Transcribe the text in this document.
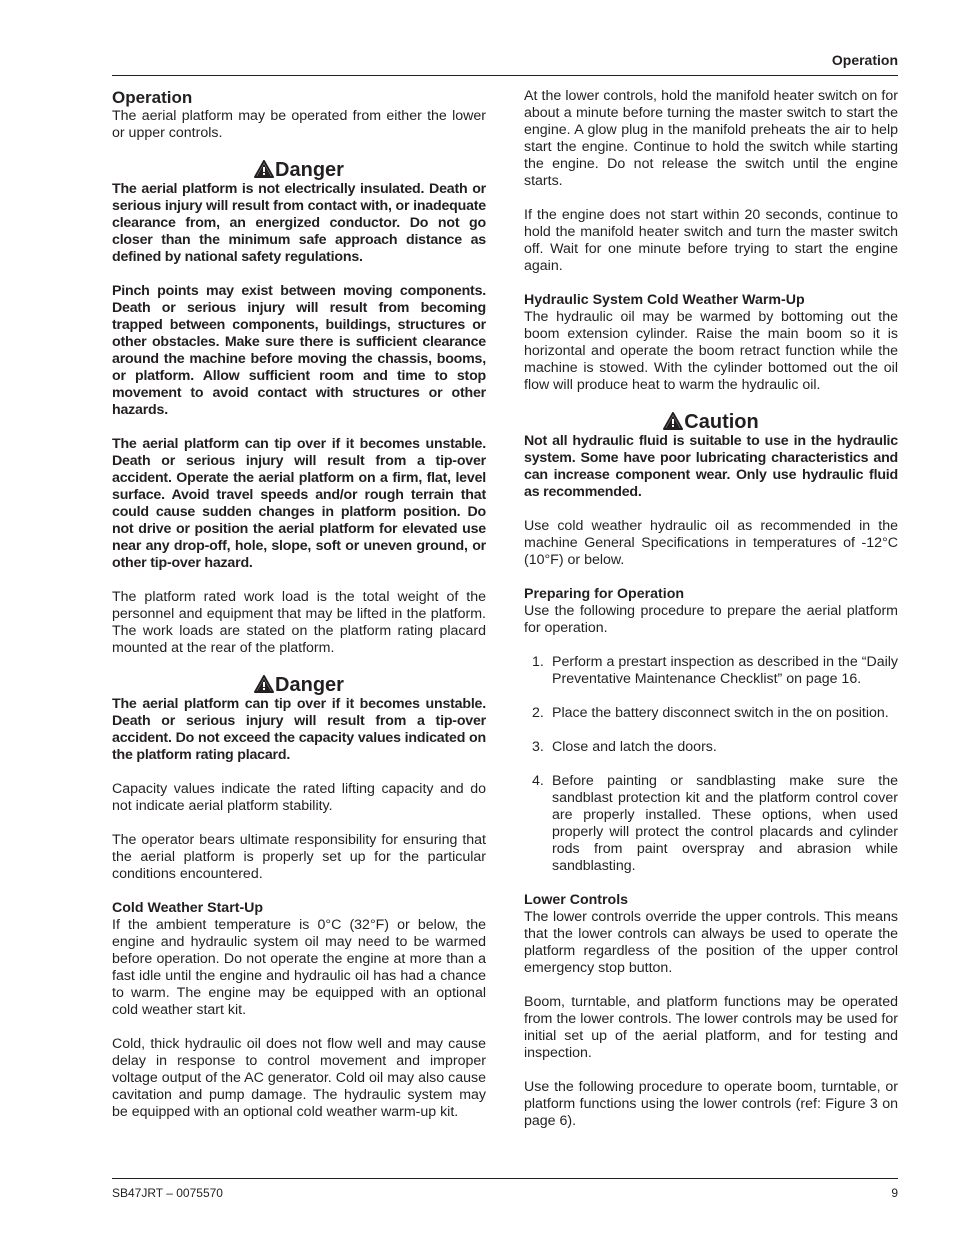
Operation
Operation

The aerial platform may be operated from either the lower or upper controls.

Danger

The aerial platform is not electrically insulated. Death or serious injury will result from contact with, or inadequate clearance from, an energized conductor. Do not go closer than the minimum safe approach distance as defined by national safety regulations.

Pinch points may exist between moving components. Death or serious injury will result from becoming trapped between components, buildings, structures or other obstacles. Make sure there is sufficient clearance around the machine before moving the chassis, booms, or platform. Allow sufficient room and time to stop movement to avoid contact with structures or other hazards.

The aerial platform can tip over if it becomes unstable. Death or serious injury will result from a tip-over accident. Operate the aerial platform on a firm, flat, level surface. Avoid travel speeds and/or rough terrain that could cause sudden changes in platform position. Do not drive or position the aerial platform for elevated use near any drop-off, hole, slope, soft or uneven ground, or other tip-over hazard.

The platform rated work load is the total weight of the personnel and equipment that may be lifted in the platform. The work loads are stated on the platform rating placard mounted at the rear of the platform.

Danger

The aerial platform can tip over if it becomes unstable. Death or serious injury will result from a tip-over accident. Do not exceed the capacity values indicated on the platform rating placard.

Capacity values indicate the rated lifting capacity and do not indicate aerial platform stability.

The operator bears ultimate responsibility for ensuring that the aerial platform is properly set up for the particular conditions encountered.

Cold Weather Start-Up

If the ambient temperature is 0°C (32°F) or below, the engine and hydraulic system oil may need to be warmed before operation. Do not operate the engine at more than a fast idle until the engine and hydraulic oil has had a chance to warm. The engine may be equipped with an optional cold weather start kit.

Cold, thick hydraulic oil does not flow well and may cause delay in response to control movement and improper voltage output of the AC generator. Cold oil may also cause cavitation and pump damage. The hydraulic system may be equipped with an optional cold weather warm-up kit.

At the lower controls, hold the manifold heater switch on for about a minute before turning the master switch to start the engine. A glow plug in the manifold preheats the air to help start the engine. Continue to hold the switch while starting the engine. Do not release the switch until the engine starts.

If the engine does not start within 20 seconds, continue to hold the manifold heater switch and turn the master switch off. Wait for one minute before trying to start the engine again.

Hydraulic System Cold Weather Warm-Up

The hydraulic oil may be warmed by bottoming out the boom extension cylinder. Raise the main boom so it is horizontal and operate the boom retract function while the machine is stowed. With the cylinder bottomed out the oil flow will produce heat to warm the hydraulic oil.

Caution

Not all hydraulic fluid is suitable to use in the hydraulic system. Some have poor lubricating characteristics and can increase component wear. Only use hydraulic fluid as recommended.

Use cold weather hydraulic oil as recommended in the machine General Specifications in temperatures of -12°C (10°F) or below.

Preparing for Operation

Use the following procedure to prepare the aerial platform for operation.

1. Perform a prestart inspection as described in the “Daily Preventative Maintenance Checklist” on page 16.
2. Place the battery disconnect switch in the on position.
3. Close and latch the doors.
4. Before painting or sandblasting make sure the sandblast protection kit and the platform control cover are properly installed. These options, when used properly will protect the control placards and cylinder rods from paint overspray and abrasion while sandblasting.
Lower Controls

The lower controls override the upper controls. This means that the lower controls can always be used to operate the platform regardless of the position of the upper control emergency stop button.

Boom, turntable, and platform functions may be operated from the lower controls. The lower controls may be used for initial set up of the aerial platform, and for testing and inspection.

Use the following procedure to operate boom, turntable, or platform functions using the lower controls (ref: Figure 3 on page 6).

SB47JRT – 0075570	9
